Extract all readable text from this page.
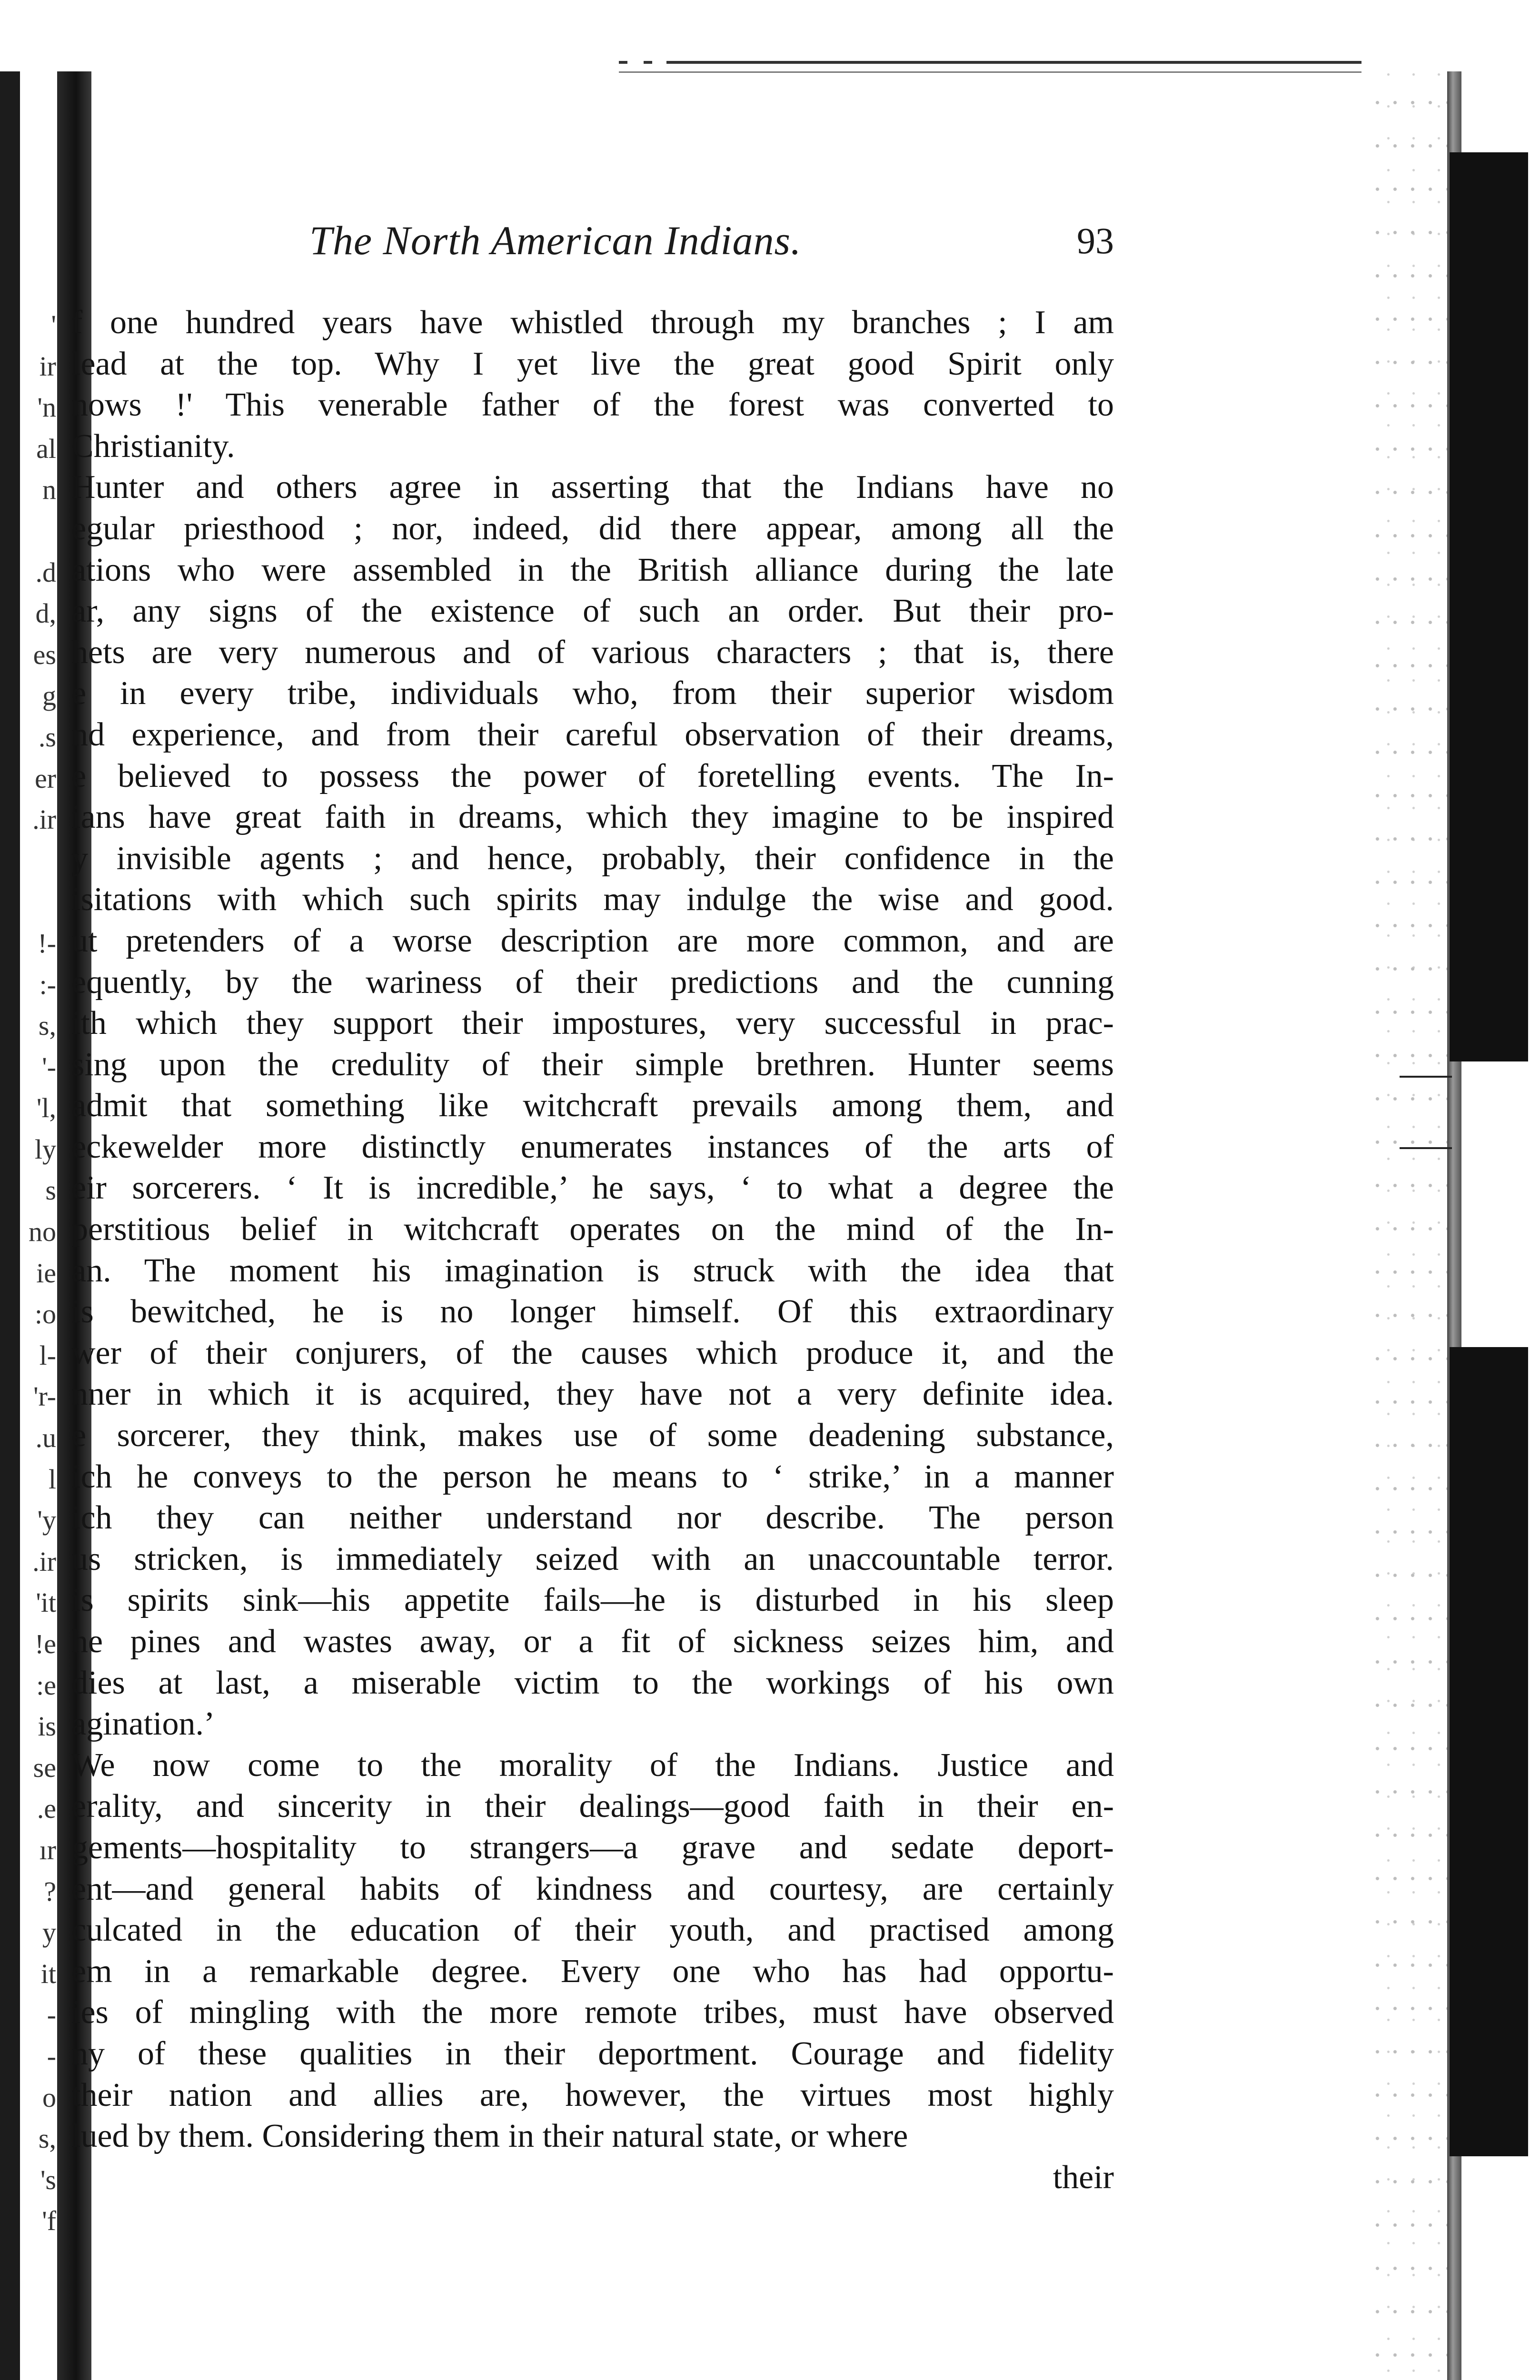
'
ir
'n
al
n
.d
d,
es
g
.s
er
.ir
!-
:-
s,
'-
'l,
ly
s
no
ie
:o
l-
'r-
.u
l
'y
.ir
'it
!e
:e
is
se
.e
ır
?
y
it
-
-
o
s,
's
'f
The North American Indians.	93
f one hundred years have whistled through my branches ; I am
lead at the top. Why I yet live the great good Spirit only
nows !' This venerable father of the forest was converted to
Christianity.
Hunter and others agree in asserting that the Indians have no
egular priesthood ; nor, indeed, did there appear, among all the
ations who were assembled in the British alliance during the late
ar, any signs of the existence of such an order. But their pro-
hets are very numerous and of various characters ; that is, there
e in every tribe, individuals who, from their superior wisdom
nd experience, and from their careful observation of their dreams,
e believed to possess the power of foretelling events. The In-
ians have great faith in dreams, which they imagine to be inspired
y invisible agents ; and hence, probably, their confidence in the
isitations with which such spirits may indulge the wise and good.
ut pretenders of a worse description are more common, and are
equently, by the wariness of their predictions and the cunning
ith which they support their impostures, very successful in prac-
sing upon the credulity of their simple brethren. Hunter seems
admit that something like witchcraft prevails among them, and
eckewelder more distinctly enumerates instances of the arts of
eir sorcerers. ‘ It is incredible,’ he says, ‘ to what a degree the
perstitious belief in witchcraft operates on the mind of the In-
an. The moment his imagination is struck with the idea that
is bewitched, he is no longer himself. Of this extraordinary
wer of their conjurers, of the causes which produce it, and the
nner in which it is acquired, they have not a very definite idea.
e sorcerer, they think, makes use of some deadening substance,
ich he conveys to the person he means to ‘ strike,’ in a manner
ich they can neither understand nor describe. The person
us stricken, is immediately seized with an unaccountable terror.
is spirits sink—his appetite fails—he is disturbed in his sleep
he pines and wastes away, or a fit of sickness seizes him, and
dies at last, a miserable victim to the workings of his own
agination.’
We now come to the morality of the Indians. Justice and
erality, and sincerity in their dealings—good faith in their en-
gements—hospitality to strangers—a grave and sedate deport-
ent—and general habits of kindness and courtesy, are certainly
culcated in the education of their youth, and practised among
em in a remarkable degree. Every one who has had opportu-
ies of mingling with the more remote tribes, must have observed
ny of these qualities in their deportment. Courage and fidelity
their nation and allies are, however, the virtues most highly
lued by them. Considering them in their natural state, or where
their
